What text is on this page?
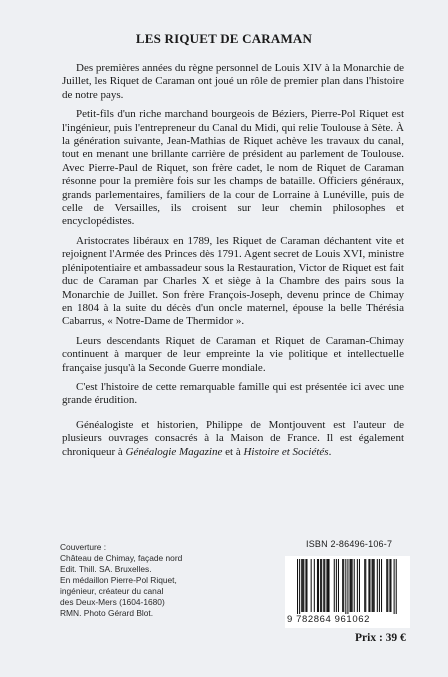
LES RIQUET DE CARAMAN

Des premières années du règne personnel de Louis XIV à la Monarchie de Juillet, les Riquet de Caraman ont joué un rôle de premier plan dans l'histoire de notre pays.

Petit-fils d'un riche marchand bourgeois de Béziers, Pierre-Pol Riquet est l'ingénieur, puis l'entrepreneur du Canal du Midi, qui relie Toulouse à Sète. À la génération suivante, Jean-Mathias de Riquet achève les travaux du canal, tout en menant une brillante carrière de président au parlement de Toulouse. Avec Pierre-Paul de Riquet, son frère cadet, le nom de Riquet de Caraman résonne pour la première fois sur les champs de bataille. Officiers généraux, grands parlementaires, familiers de la cour de Lorraine à Lunéville, puis de celle de Versailles, ils croisent sur leur chemin philosophes et encyclopédistes.

Aristocrates libéraux en 1789, les Riquet de Caraman déchantent vite et rejoignent l'Armée des Princes dès 1791. Agent secret de Louis XVI, ministre plénipotentiaire et ambassadeur sous la Restauration, Victor de Riquet est fait duc de Caraman par Charles X et siège à la Chambre des pairs sous la Monarchie de Juillet. Son frère François-Joseph, devenu prince de Chimay en 1804 à la suite du décès d'un oncle maternel, épouse la belle Thérésia Cabarrus, « Notre-Dame de Thermidor ».

Leurs descendants Riquet de Caraman et Riquet de Caraman-Chimay continuent à marquer de leur empreinte la vie politique et intellectuelle française jusqu'à la Seconde Guerre mondiale.

C'est l'histoire de cette remarquable famille qui est présentée ici avec une grande érudition.

Généalogiste et historien, Philippe de Montjouvent est l'auteur de plusieurs ouvrages consacrés à la Maison de France. Il est également chroniqueur à Généalogie Magazine et à Histoire et Sociétés.

Couverture :
Château de Chimay, façade nord
Edit. Thill. SA. Bruxelles.
En médaillon Pierre-Pol Riquet,
ingénieur, créateur du canal
des Deux-Mers (1604-1680)
RMN. Photo Gérard Blot.
ISBN 2-86496-106-7
9 782864 961062
Prix : 39 €
